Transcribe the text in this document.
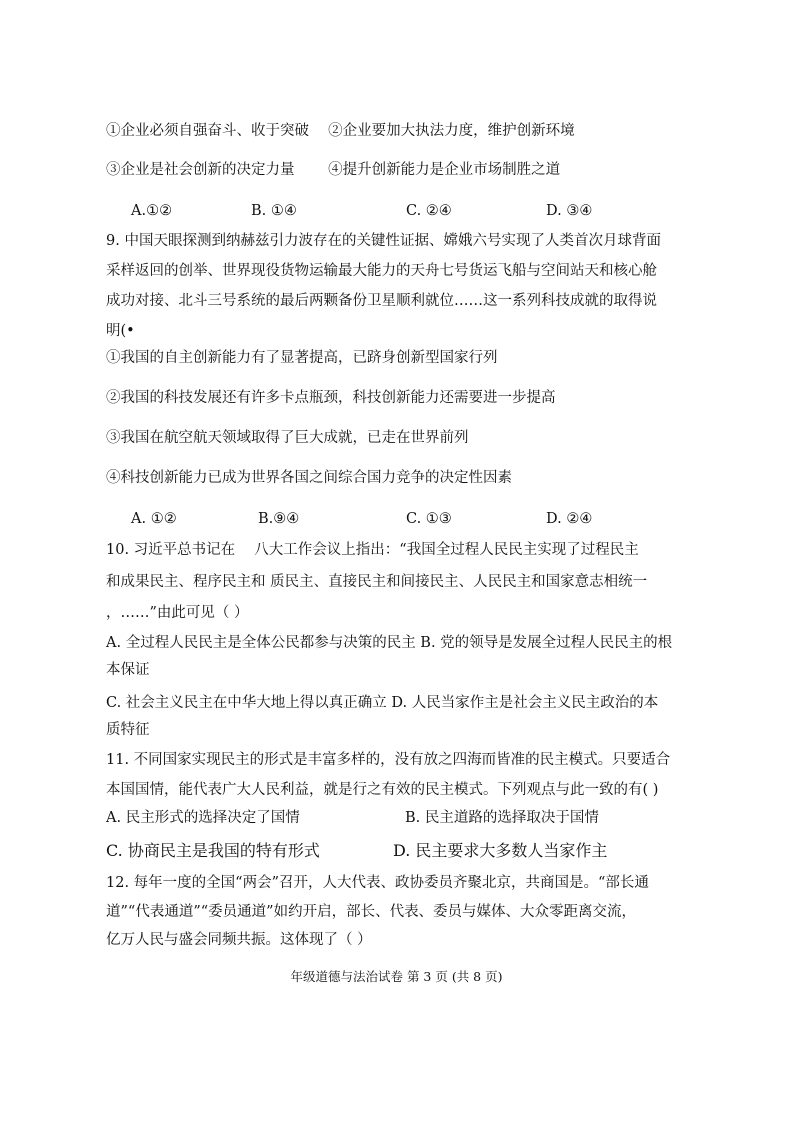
①企业必须自强奋斗、收于突破　 ②企业要加大执法力度，维护创新环境
③企业是社会创新的决定力量　　 ④提升创新能力是企业市场制胜之道
A.①②	B. ①④	C. ②④	D. ③④
9. 中国天眼探测到纳赫兹引力波存在的关键性证据、嫦娥六号实现了人类首次月球背面
采样返回的创举、世界现役货物运输最大能力的天舟七号货运飞船与空间站天和核心舱
成功对接、北斗三号系统的最后两颗备份卫星顺利就位……这一系列科技成就的取得说
明(•
①我国的自主创新能力有了显著提高，已跻身创新型国家行列
②我国的科技发展还有许多卡点瓶颈，科技创新能力还需要进一步提高
③我国在航空航天领域取得了巨大成就，已走在世界前列
④科技创新能力已成为世界各国之间综合国力竞争的决定性因素
A. ①②	B.⑨④	C. ①③	D. ②④
10. 习近平总书记在　 八大工作会议上指出：“我国全过程人民民主实现了过程民主
和成果民主、程序民主和 质民主、直接民主和间接民主、人民民主和国家意志相统一
，……”由此可见（ ）
A. 全过程人民民主是全体公民都参与决策的民主 B. 党的领导是发展全过程人民民主的根
本保证
C. 社会主义民主在中华大地上得以真正确立 D. 人民当家作主是社会主义民主政治的本
质特征
11. 不同国家实现民主的形式是丰富多样的，没有放之四海而皆准的民主模式。只要适合
本国国情，能代表广大人民利益，就是行之有效的民主模式。下列观点与此一致的有( )
A. 民主形式的选择决定了国情	B. 民主道路的选择取决于国情
C. 协商民主是我国的特有形式	D. 民主要求大多数人当家作主
12. 每年一度的全国“两会”召开，人大代表、政协委员齐聚北京，共商国是。“部长通
道”“代表通道”“委员通道”如约开启，部长、代表、委员与媒体、大众零距离交流，
亿万人民与盛会同频共振。这体现了（ ）
年级道德与法治试卷 第 3 页 (共 8 页)
